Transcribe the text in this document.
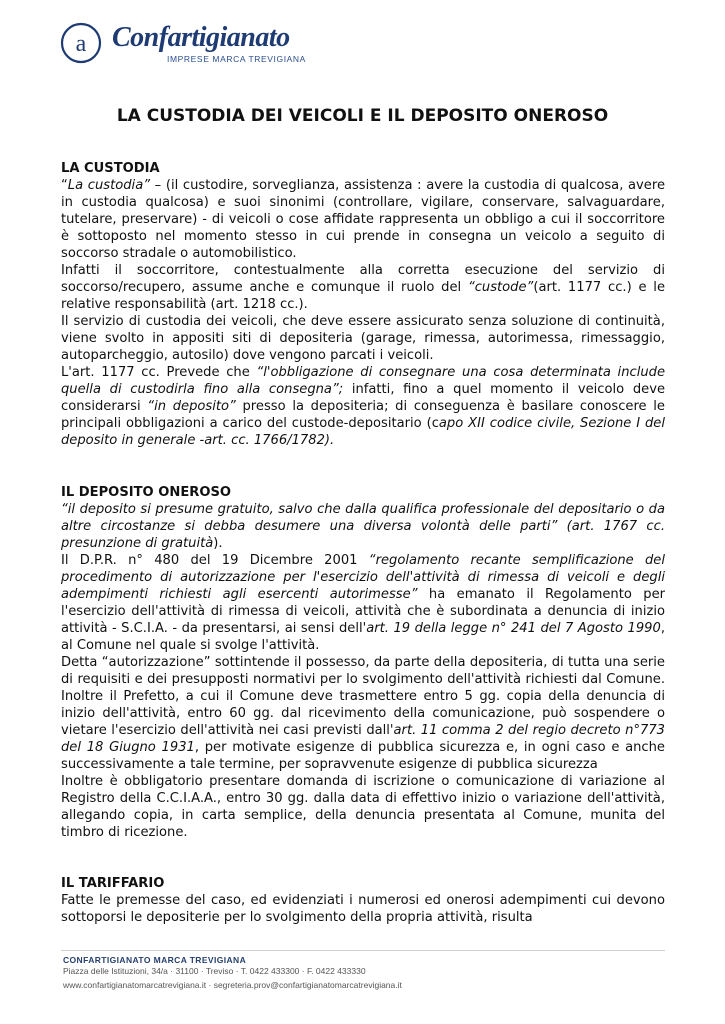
a Confartigianato
IMPRESE MARCA TREVIGIANA
LA CUSTODIA DEI VEICOLI E IL DEPOSITO ONEROSO
LA CUSTODIA

“La custodia” – (il custodire, sorveglianza, assistenza : avere la custodia di qualcosa, avere in custodia qualcosa) e suoi sinonimi (controllare, vigilare, conservare, salvaguardare, tutelare, preservare) - di veicoli o cose affidate rappresenta un obbligo a cui il soccorritore è sottoposto nel momento stesso in cui prende in consegna un veicolo a seguito di soccorso stradale o automobilistico.

Infatti il soccorritore, contestualmente alla corretta esecuzione del servizio di soccorso/recupero, assume anche e comunque il ruolo del “custode”(art. 1177 cc.) e le relative responsabilità (art. 1218 cc.).

Il servizio di custodia dei veicoli, che deve essere assicurato senza soluzione di continuità, viene svolto in appositi siti di depositeria (garage, rimessa, autorimessa, rimessaggio, autoparcheggio, autosilo) dove vengono parcati i veicoli.

L'art. 1177 cc. Prevede che “l'obbligazione di consegnare una cosa determinata include quella di custodirla fino alla consegna”; infatti, fino a quel momento il veicolo deve considerarsi “in deposito” presso la depositeria; di conseguenza è basilare conoscere le principali obbligazioni a carico del custode-depositario (capo XII codice civile, Sezione I del deposito in generale -art. cc. 1766/1782).

IL DEPOSITO ONEROSO

“il deposito si presume gratuito, salvo che dalla qualifica professionale del depositario o da altre circostanze si debba desumere una diversa volontà delle parti” (art. 1767 cc. presunzione di gratuità).

Il D.P.R. n° 480 del 19 Dicembre 2001 “regolamento recante semplificazione del procedimento di autorizzazione per l'esercizio dell'attività di rimessa di veicoli e degli adempimenti richiesti agli esercenti autorimesse” ha emanato il Regolamento per l'esercizio dell'attività di rimessa di veicoli, attività che è subordinata a denuncia di inizio attività - S.C.I.A. - da presentarsi, ai sensi dell'art. 19 della legge n° 241 del 7 Agosto 1990, al Comune nel quale si svolge l'attività.

Detta “autorizzazione” sottintende il possesso, da parte della depositeria, di tutta una serie di requisiti e dei presupposti normativi per lo svolgimento dell'attività richiesti dal Comune. Inoltre il Prefetto, a cui il Comune deve trasmettere entro 5 gg. copia della denuncia di inizio dell'attività, entro 60 gg. dal ricevimento della comunicazione, può sospendere o vietare l'esercizio dell'attività nei casi previsti dall'art. 11 comma 2 del regio decreto n°773 del 18 Giugno 1931, per motivate esigenze di pubblica sicurezza e, in ogni caso e anche successivamente a tale termine, per sopravvenute esigenze di pubblica sicurezza

Inoltre è obbligatorio presentare domanda di iscrizione o comunicazione di variazione al Registro della C.C.I.A.A., entro 30 gg. dalla data di effettivo inizio o variazione dell'attività, allegando copia, in carta semplice, della denuncia presentata al Comune, munita del timbro di ricezione.

IL TARIFFARIO

Fatte le premesse del caso, ed evidenziati i numerosi ed onerosi adempimenti cui devono sottoporsi le depositerie per lo svolgimento della propria attività, risulta

CONFARTIGIANATO MARCA TREVIGIANA
Piazza delle Istituzioni, 34/a · 31100 · Treviso · T. 0422 433300 · F. 0422 433330
www.confartigianatomarcatrevigiana.it · segreteria.prov@confartigianatomarcatrevigiana.it
